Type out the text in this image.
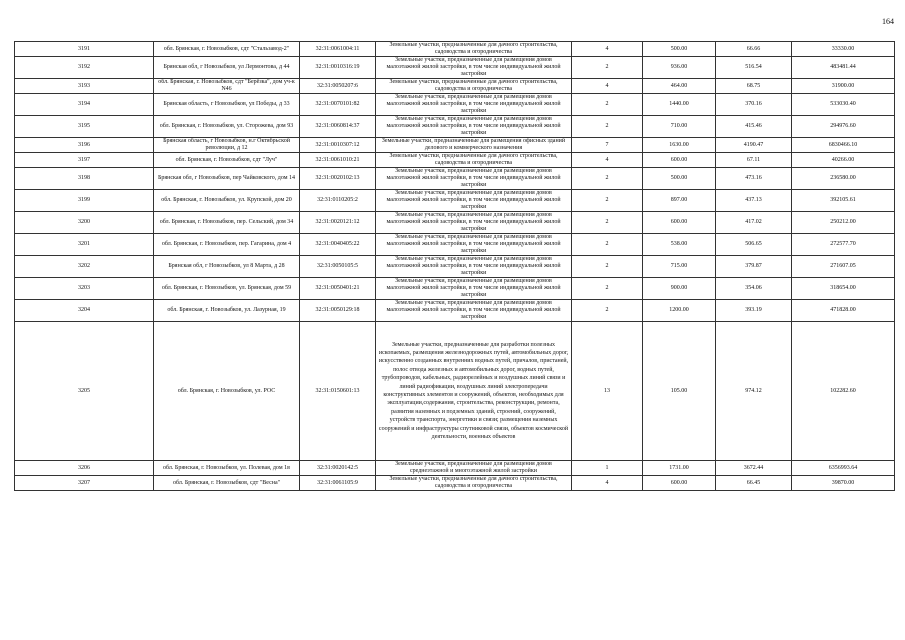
164
3191	обл. Брянская, г. Новозыбков, сдт "Стальзавод-2"	32:31:0061004:11	Земельные участки, предназначенные для дачного строительства, садоводства и огородничества	4	500.00	66.66	33330.00
3192	Брянская обл, г Новозыбков, ул Лермонтова, д 44	32:31:0010316:19	Земельные участки, предназначенные для размещения домов малоэтажной жилой застройки, в том числе индивидуальной жилой застройки	2	936.00	516.54	483481.44
3193	обл. Брянская, г. Новозыбков, сдт "Берёзка", дом уч-к N46	32:31:0050207:6	Земельные участки, предназначенные для дачного строительства, садоводства и огородничества	4	464.00	68.75	31900.00
3194	Брянская область, г Новозыбков, ул Победы, д 33	32:31:0070101:82	Земельные участки, предназначенные для размещения домов малоэтажной жилой застройки, в том числе индивидуальной жилой застройки	2	1440.00	370.16	533030.40
3195	обл. Брянская, г. Новозыбков, ул. Сторожева, дом 93	32:31:0060814:37	Земельные участки, предназначенные для размещения домов малоэтажной жилой застройки, в том числе индивидуальной жилой застройки	2	710.00	415.46	294976.60
3196	Брянская область, г Новозыбков, н.г Октябрьской революции, д 12	32:31:0010307:12	Земельные участки, предназначенные для размещения офисных зданий делового и коммерческого назначения	7	1630.00	4190.47	6830466.10
3197	обл. Брянская, г. Новозыбков, сдт "Луч"	32:31:0061010:21	Земельные участки, предназначенные для дачного строительства, садоводства и огородничества	4	600.00	67.11	40266.00
3198	Брянская обл, г Новозыбков, пер Чайковского, дом 14	32:31:0020102:13	Земельные участки, предназначенные для размещения домов малоэтажной жилой застройки, в том числе индивидуальной жилой застройки	2	500.00	473.16	236580.00
3199	обл. Брянская, г. Новозыбков, ул. Крупской, дом 20	32:31:0110205:2	Земельные участки, предназначенные для размещения домов малоэтажной жилой застройки, в том числе индивидуальной жилой застройки	2	897.00	437.13	392105.61
3200	обл. Брянская, г. Новозыбков, пер. Сельский, дом 34	32:31:0020121:12	Земельные участки, предназначенные для размещения домов малоэтажной жилой застройки, в том числе индивидуальной жилой застройки	2	600.00	417.02	250212.00
3201	обл. Брянская, г. Новозыбков, пер. Гагарина, дом 4	32:31:0040405:22	Земельные участки, предназначенные для размещения домов малоэтажной жилой застройки, в том числе индивидуальной жилой застройки	2	538.00	506.65	272577.70
3202	Брянская обл, г Новозыбков, ул 8 Марта, д 28	32:31:0050105:5	Земельные участки, предназначенные для размещения домов малоэтажной жилой застройки, в том числе индивидуальной жилой застройки	2	715.00	379.87	271607.05
3203	обл. Брянская, г. Новозыбков, ул. Брянская, дом 59	32:31:0050401:21	Земельные участки, предназначенные для размещения домов малоэтажной жилой застройки, в том числе индивидуальной жилой застройки	2	900.00	354.06	318654.00
3204	обл. Брянская, г. Новозыбков, ул. Лазурная, 19	32:31:0050129:18	Земельные участки, предназначенные для размещения домов малоэтажной жилой застройки, в том числе индивидуальной жилой застройки	2	1200.00	393.19	471828.00
3205	обл. Брянская, г. Новозыбков, ул. РОС	32:31:0150601:13	Земельные участки, предназначенные для разработки полезных ископаемых, размещения железнодорожных путей, автомобильных дорог, искусственно созданных внутренних водных путей, причалов, пристаней, полос отвода железных и автомобильных дорог, водных путей, трубопроводов, кабельных, радиорелейных и воздушных линий связи и линий радиофикации, воздушных линий электропередачи конструктивных элементов и сооружений, объектов, необходимых для эксплуатации,содержания, строительства, реконструкции, ремонта, развития наземных и подземных зданий, строений, сооружений, устройств транспорта, энергетики и связи; размещения наземных сооружений и инфраструктуры спутниковой связи, объектов космической деятельности, военных объектов	13	105.00	974.12	102282.60
3206	обл. Брянская, г. Новозыбков, ул. Полевая, дом 1в	32:31:0020142:5	Земельные участки, предназначенные для размещения домов среднеэтажной и многоэтажной жилой застройки	1	1731.00	3672.44	6356993.64
3207	обл. Брянская, г. Новозыбков, сдт "Весна"	32:31:0061105:9	Земельные участки, предназначенные для дачного строительства, садоводства и огородничества	4	600.00	66.45	39870.00
